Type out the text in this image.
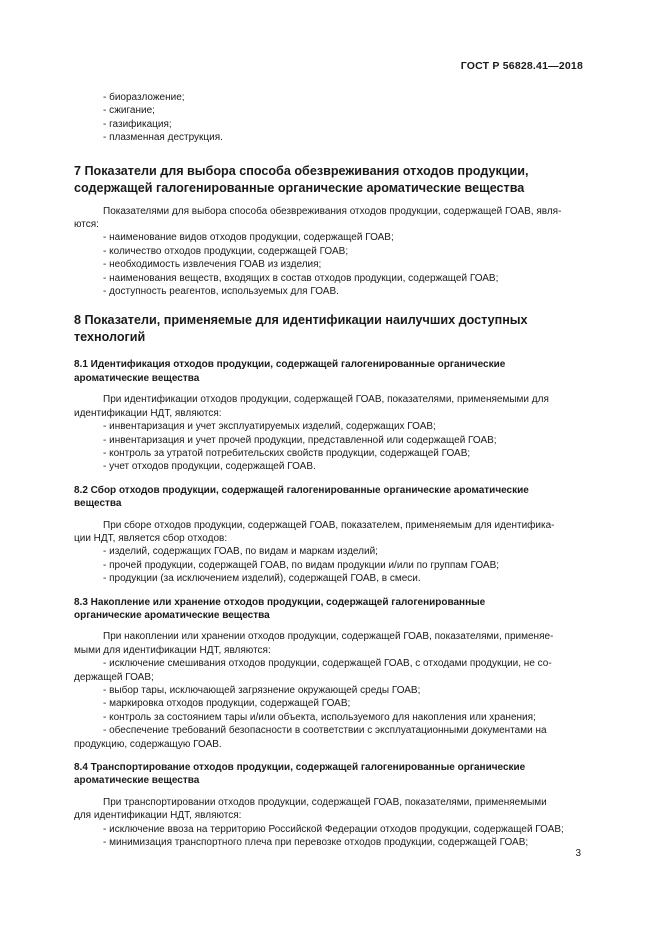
ГОСТ Р 56828.41—2018
- биоразложение;
- сжигание;
- газификация;
- плазменная деструкция.
7 Показатели для выбора способа обезвреживания отходов продукции,
содержащей галогенированные органические ароматические вещества
Показателями для выбора способа обезвреживания отходов продукции, содержащей ГОАВ, явля-
ются:
- наименование видов отходов продукции, содержащей ГОАВ;
- количество отходов продукции, содержащей ГОАВ;
- необходимость извлечения ГОАВ из изделия;
- наименования веществ, входящих в состав отходов продукции, содержащей ГОАВ;
- доступность реагентов, используемых для ГОАВ.
8 Показатели, применяемые для идентификации наилучших доступных
технологий
8.1 Идентификация отходов продукции, содержащей галогенированные органические
ароматические вещества
При идентификации отходов продукции, содержащей ГОАВ, показателями, применяемыми для
идентификации НДТ, являются:
- инвентаризация и учет эксплуатируемых изделий, содержащих ГОАВ;
- инвентаризация и учет прочей продукции, представленной или содержащей ГОАВ;
- контроль за утратой потребительских свойств продукции, содержащей ГОАВ;
- учет отходов продукции, содержащей ГОАВ.
8.2 Сбор отходов продукции, содержащей галогенированные органические ароматические
вещества
При сборе отходов продукции, содержащей ГОАВ, показателем, применяемым для идентифика-
ции НДТ, является сбор отходов:
- изделий, содержащих ГОАВ, по видам и маркам изделий;
- прочей продукции, содержащей ГОАВ, по видам продукции и/или по группам ГОАВ;
- продукции (за исключением изделий), содержащей ГОАВ, в смеси.
8.3 Накопление или хранение отходов продукции, содержащей галогенированные
органические ароматические вещества
При накоплении или хранении отходов продукции, содержащей ГОАВ, показателями, применяе-
мыми для идентификации НДТ, являются:
- исключение смешивания отходов продукции, содержащей ГОАВ, с отходами продукции, не со-
держащей ГОАВ;
- выбор тары, исключающей загрязнение окружающей среды ГОАВ;
- маркировка отходов продукции, содержащей ГОАВ;
- контроль за состоянием тары и/или объекта, используемого для накопления или хранения;
- обеспечение требований безопасности в соответствии с эксплуатационными документами на
продукцию, содержащую ГОАВ.
8.4 Транспортирование отходов продукции, содержащей галогенированные органические
ароматические вещества
При транспортировании отходов продукции, содержащей ГОАВ, показателями, применяемыми
для идентификации НДТ, являются:
- исключение ввоза на территорию Российской Федерации отходов продукции, содержащей ГОАВ;
- минимизация транспортного плеча при перевозке отходов продукции, содержащей ГОАВ;
3
